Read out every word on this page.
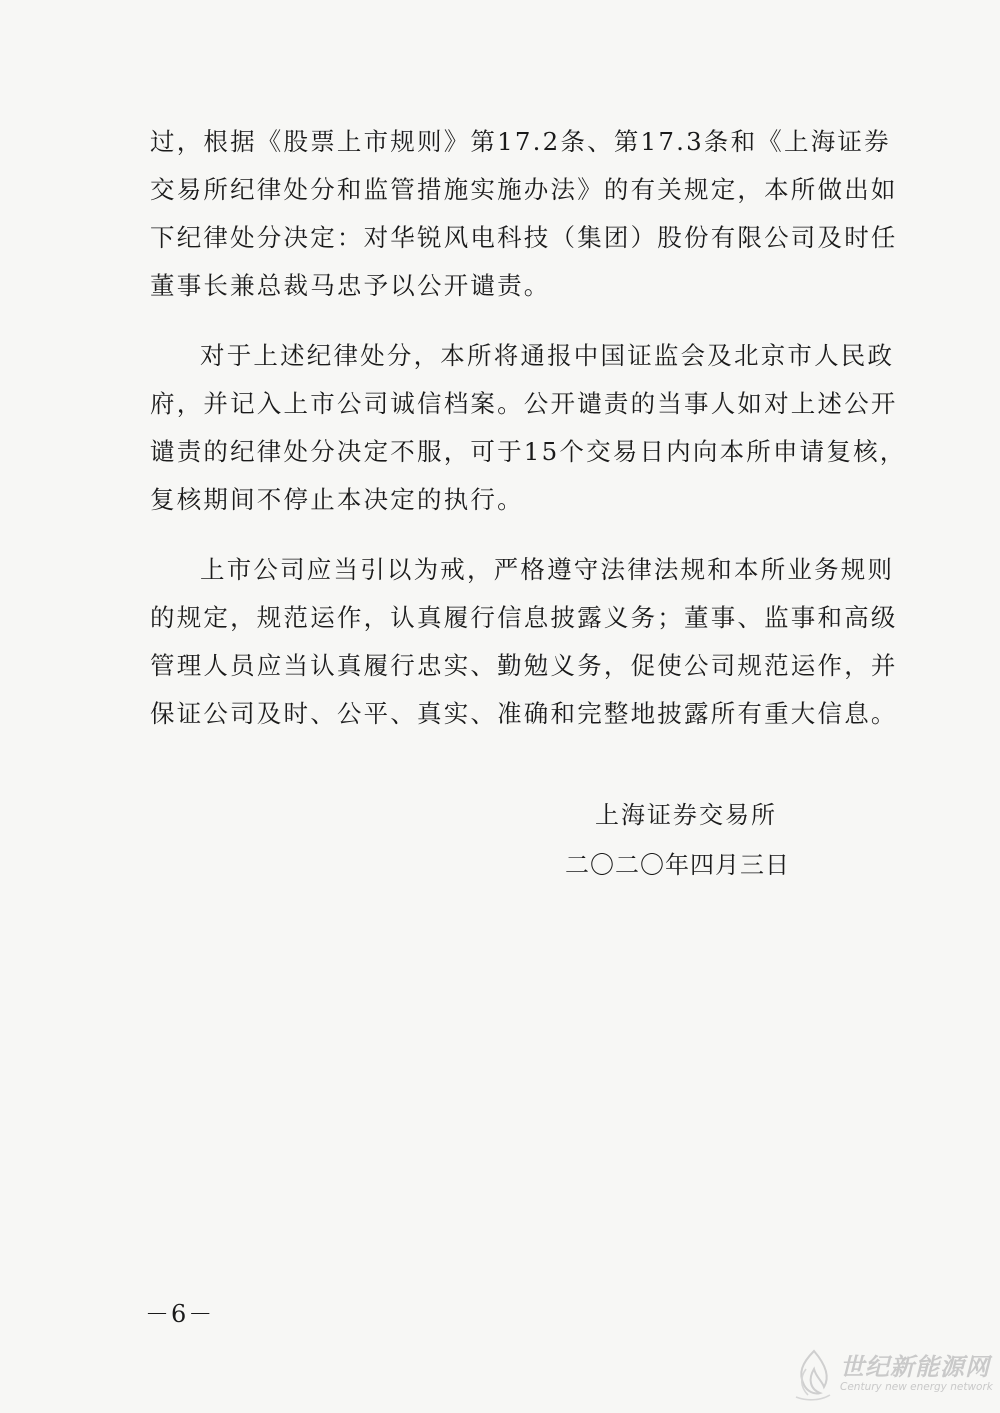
过，根据《股票上市规则》第17.2条、第17.3条和《上海证券
交易所纪律处分和监管措施实施办法》的有关规定，本所做出如
下纪律处分决定：对华锐风电科技（集团）股份有限公司及时任
董事长兼总裁马忠予以公开谴责。
对于上述纪律处分，本所将通报中国证监会及北京市人民政
府，并记入上市公司诚信档案。公开谴责的当事人如对上述公开
谴责的纪律处分决定不服，可于15个交易日内向本所申请复核，
复核期间不停止本决定的执行。
上市公司应当引以为戒，严格遵守法律法规和本所业务规则
的规定，规范运作，认真履行信息披露义务；董事、监事和高级
管理人员应当认真履行忠实、勤勉义务，促使公司规范运作，并
保证公司及时、公平、真实、准确和完整地披露所有重大信息。
上海证券交易所
二〇二〇年四月三日
－6－
世纪新能源网
Century new energy network
